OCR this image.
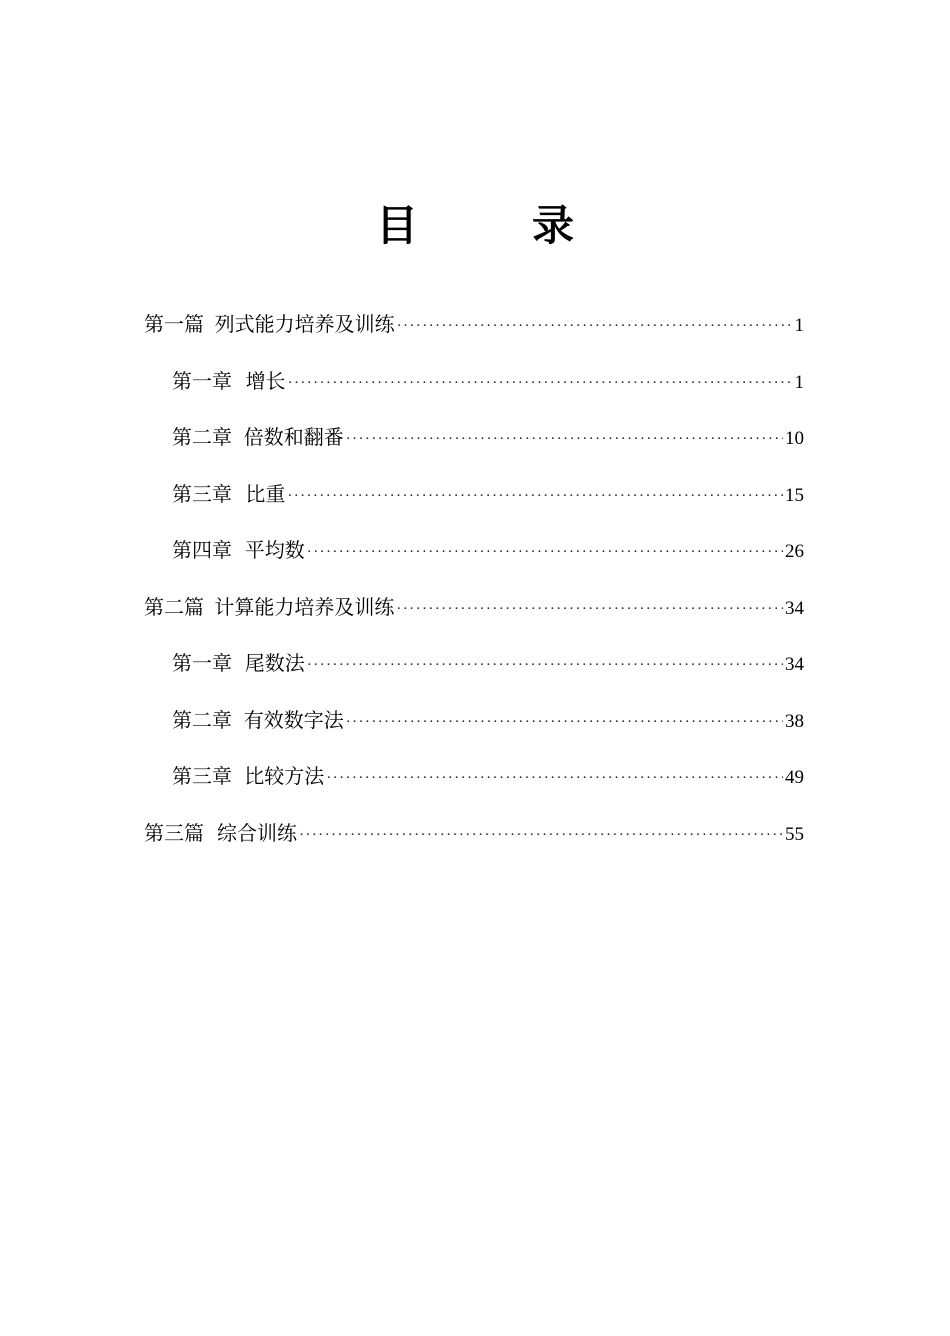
目　录
第一篇 列式能力培养及训练 ·····	1
第一章 增长 ·····	1
第二章 倍数和翻番 ·····	10
第三章 比重 ·····	15
第四章 平均数 ·····	26
第二篇 计算能力培养及训练 ·····	34
第一章 尾数法 ·····	34
第二章 有效数字法 ·····	38
第三章 比较方法 ·····	49
第三篇 综合训练 ·····	55
